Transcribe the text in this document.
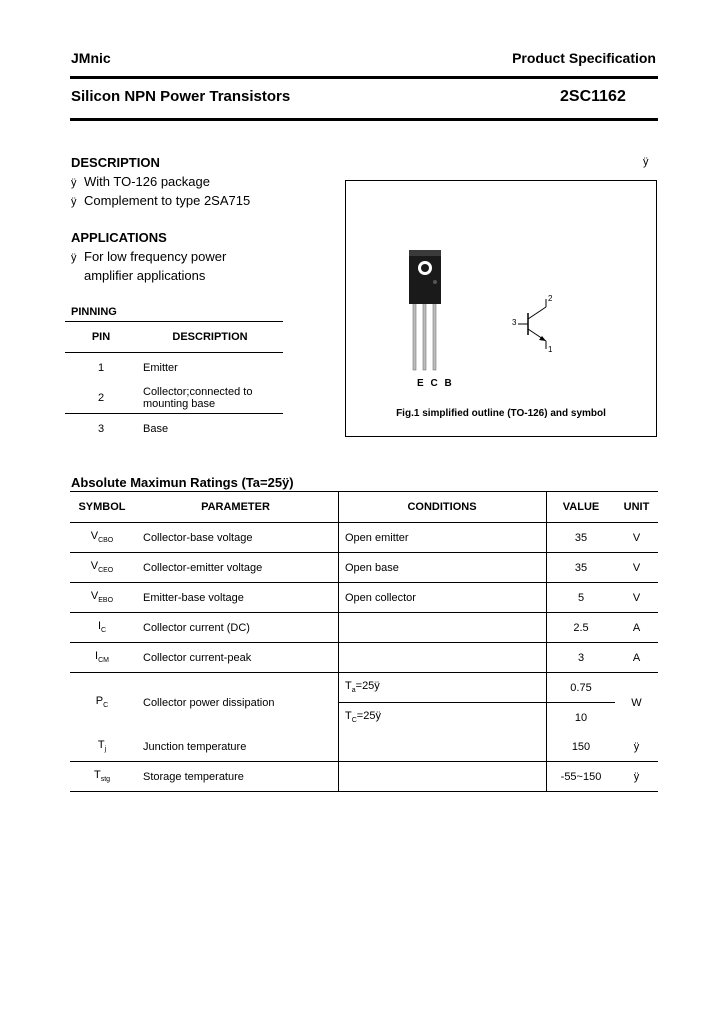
JMnic	Product Specification
Silicon NPN Power Transistors	2SC1162
DESCRIPTION
ÿ With TO-126 package
ÿ Complement to type 2SA715
ÿ
APPLICATIONS
ÿ For low frequency power
amplifier applications
PINNING
PIN	DESCRIPTION
1	Emitter
2	Collector;connected to mounting base
3	Base
E C B
2
3
1
Fig.1 simplified outline (TO-126) and symbol
Absolute Maximun Ratings (Ta=25ÿ)
SYMBOL	PARAMETER	CONDITIONS	VALUE	UNIT
$V_{CBO}$	Collector-base voltage	Open emitter	35	V
$V_{CEO}$	Collector-emitter voltage	Open base	35	V
$V_{EBO}$	Emitter-base voltage	Open collector	5	V
$I_C$	Collector current (DC)		2.5	A
$I_{CM}$	Collector current-peak		3	A
$P_C$	Collector power dissipation	$T_a=25ÿ$	0.75	W
		$T_C=25ÿ$	10	
$T_j$	Junction temperature		150	ÿ
$T_{stg}$	Storage temperature		-55~150	ÿ
